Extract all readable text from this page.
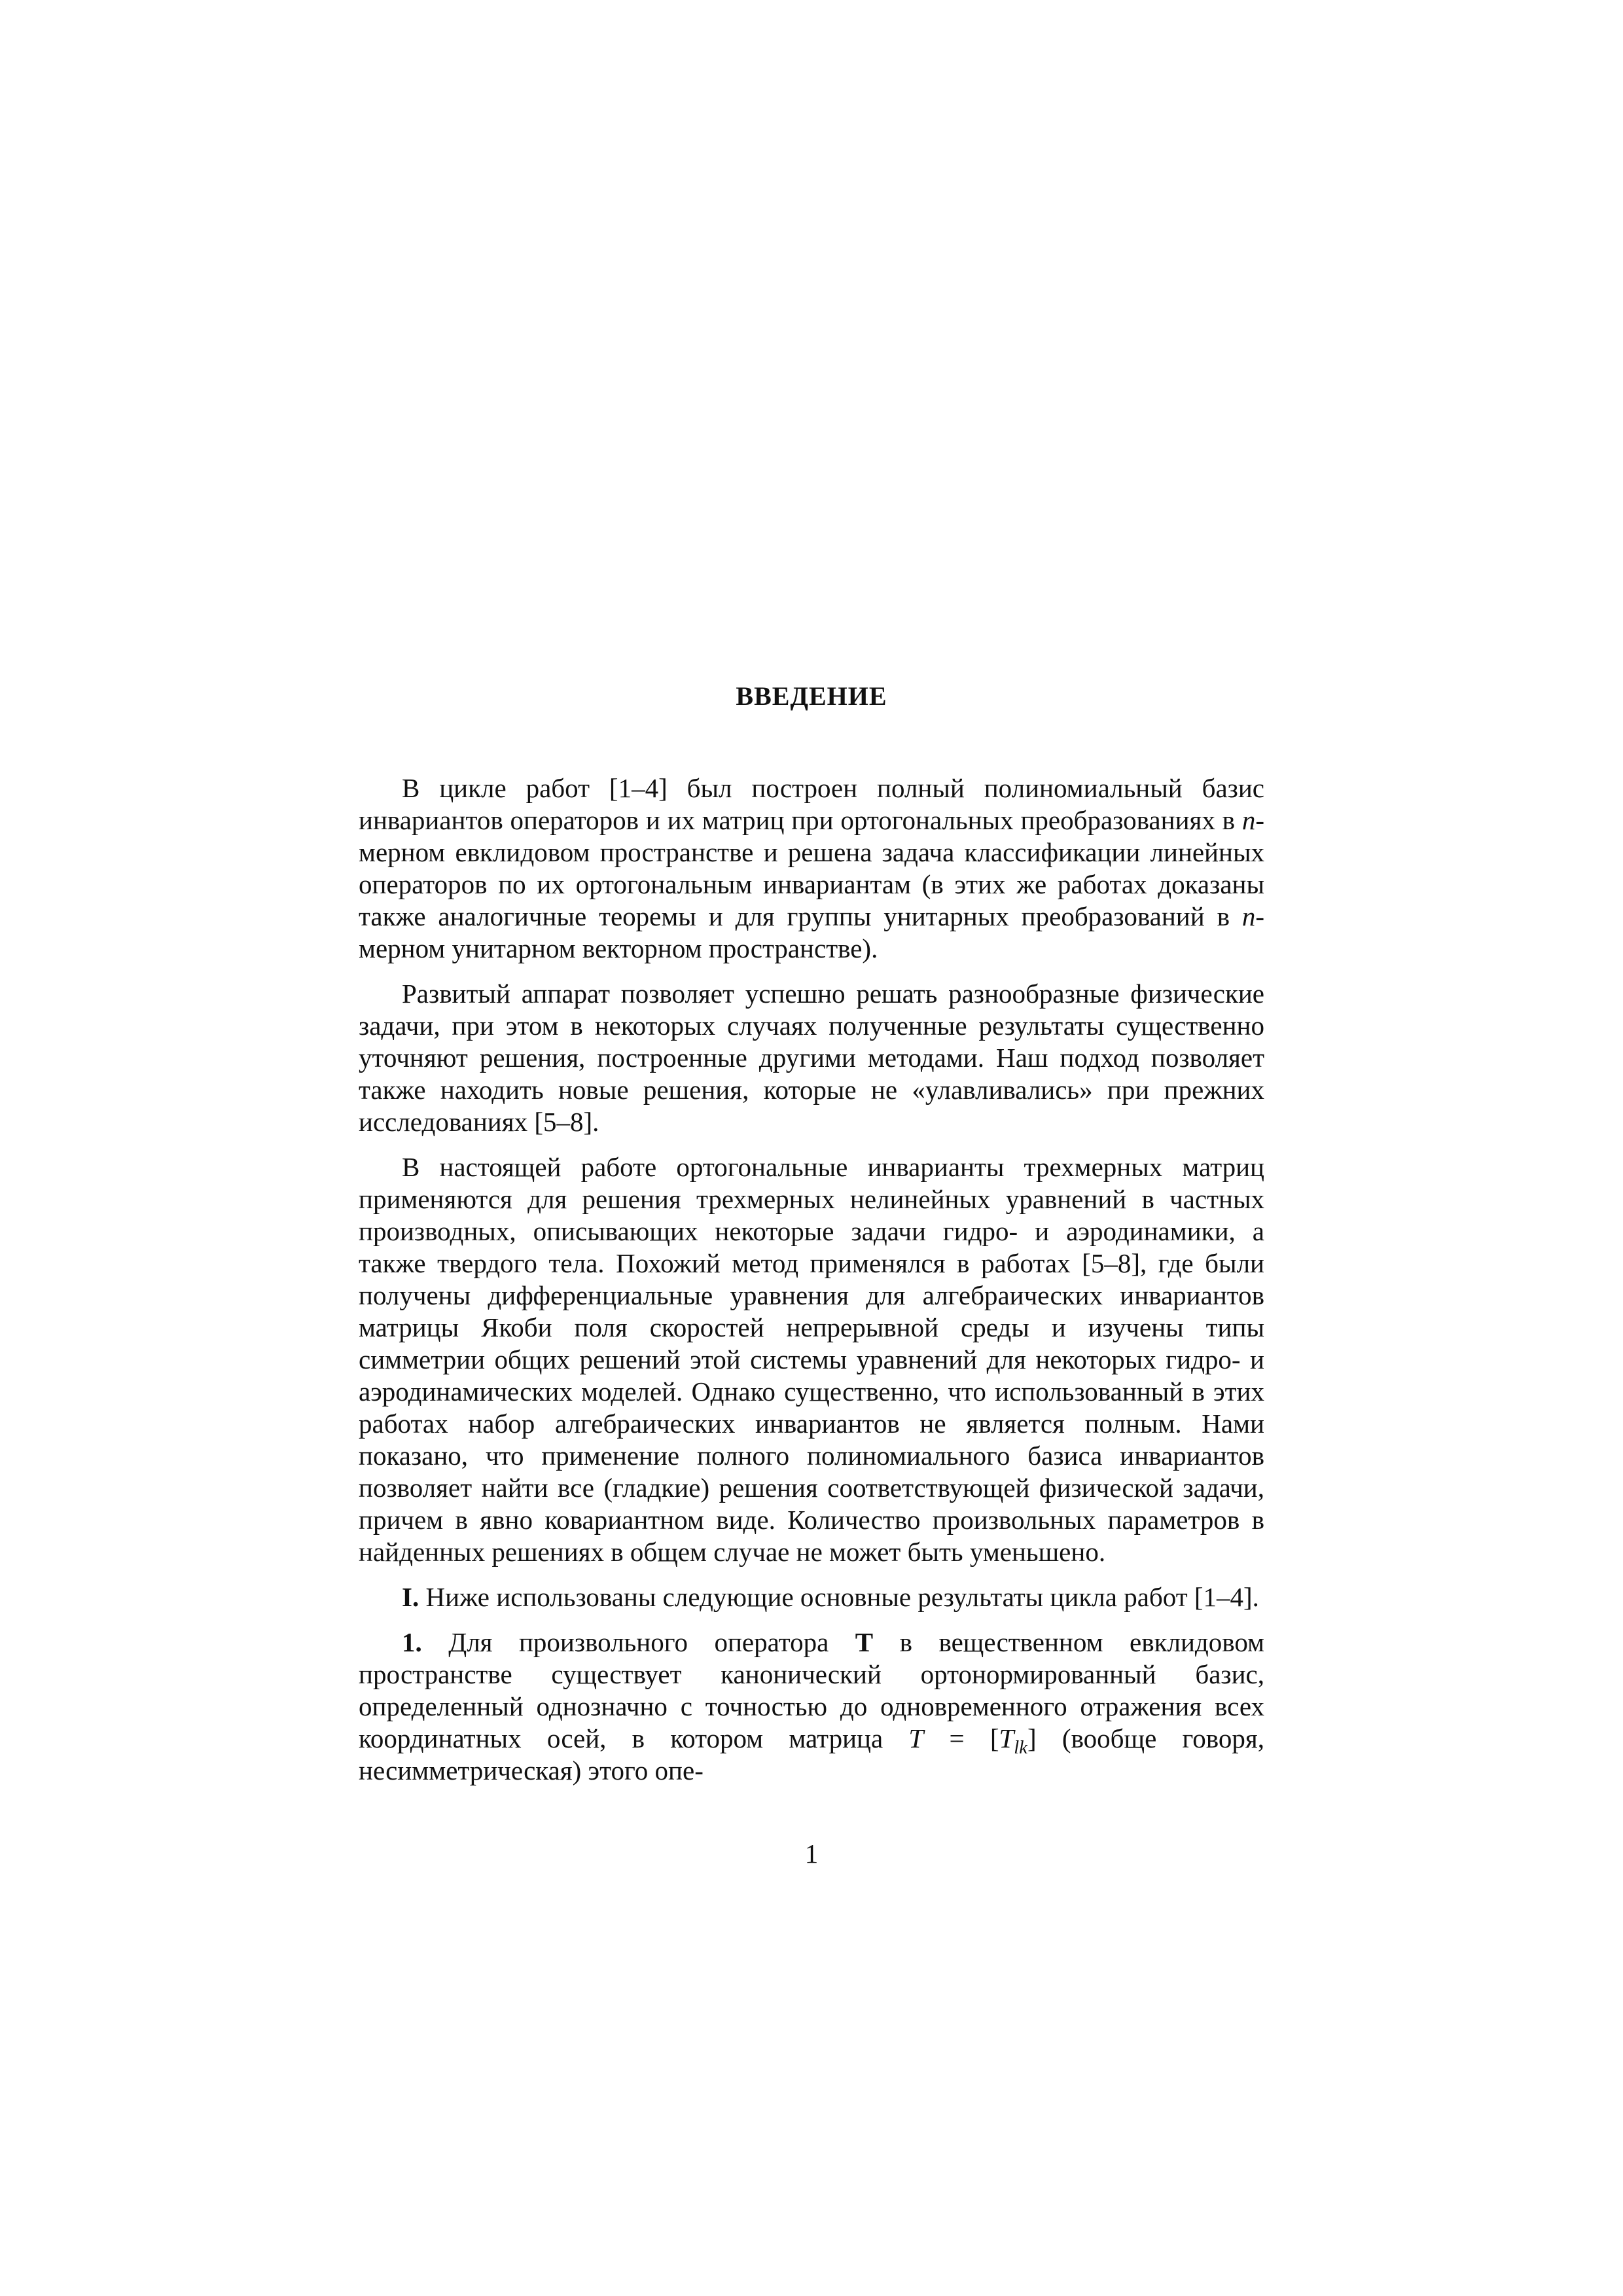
ВВЕДЕНИЕ

В цикле работ [1–4] был построен полный полиномиальный базис инвариантов операторов и их матриц при ортогональных преобразованиях в n-мерном евклидовом пространстве и решена задача классификации линейных операторов по их ортогональным инвариантам (в этих же работах доказаны также аналогичные теоремы и для группы унитарных преобразований в n-мерном унитарном векторном пространстве).

Развитый аппарат позволяет успешно решать разнообразные физические задачи, при этом в некоторых случаях полученные результаты существенно уточняют решения, построенные другими методами. Наш подход позволяет также находить новые решения, которые не «улавливались» при прежних исследованиях [5–8].

В настоящей работе ортогональные инварианты трехмерных матриц применяются для решения трехмерных нелинейных уравнений в частных производных, описывающих некоторые задачи гидро- и аэродинамики, а также твердого тела. Похожий метод применялся в работах [5–8], где были получены дифференциальные уравнения для алгебраических инвариантов матрицы Якоби поля скоростей непрерывной среды и изучены типы симметрии общих решений этой системы уравнений для некоторых гидро- и аэродинамических моделей. Однако существенно, что использованный в этих работах набор алгебраических инвариантов не является полным. Нами показано, что применение полного полиномиального базиса инвариантов позволяет найти все (гладкие) решения соответствующей физической задачи, причем в явно ковариантном виде. Количество произвольных параметров в найденных решениях в общем случае не может быть уменьшено.

I. Ниже использованы следующие основные результаты цикла работ [1–4].

1. Для произвольного оператора T в вещественном евклидовом пространстве существует канонический ортонормированный базис, определенный однозначно с точностью до одновременного отражения всех координатных осей, в котором матрица $T = [T_{lk}]$ (вообще говоря, несимметрическая) этого опе-

1
